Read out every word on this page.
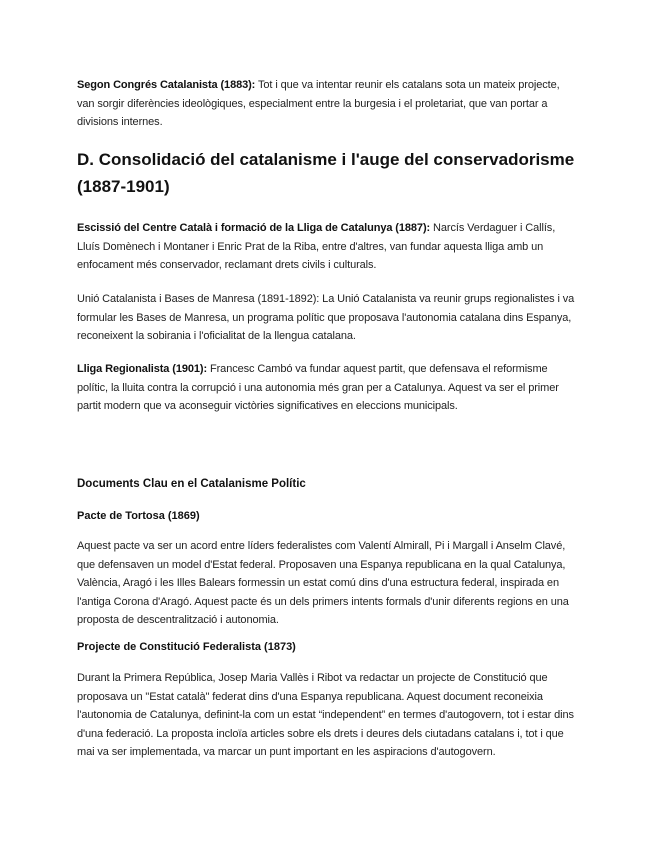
Segon Congrés Catalanista (1883): Tot i que va intentar reunir els catalans sota un mateix projecte, van sorgir diferències ideològiques, especialment entre la burgesia i el proletariat, que van portar a divisions internes.

D. Consolidació del catalanisme i l'auge del conservadorisme (1887-1901)

Escissió del Centre Català i formació de la Lliga de Catalunya (1887): Narcís Verdaguer i Callís, Lluís Domènech i Montaner i Enric Prat de la Riba, entre d'altres, van fundar aquesta lliga amb un enfocament més conservador, reclamant drets civils i culturals.

Unió Catalanista i Bases de Manresa (1891-1892): La Unió Catalanista va reunir grups regionalistes i va formular les Bases de Manresa, un programa polític que proposava l'autonomia catalana dins Espanya, reconeixent la sobirania i l'oficialitat de la llengua catalana.

Lliga Regionalista (1901): Francesc Cambó va fundar aquest partit, que defensava el reformisme polític, la lluita contra la corrupció i una autonomia més gran per a Catalunya. Aquest va ser el primer partit modern que va aconseguir victòries significatives en eleccions municipals.

Documents Clau en el Catalanisme Polític
Pacte de Tortosa (1869)

Aquest pacte va ser un acord entre líders federalistes com Valentí Almirall, Pi i Margall i Anselm Clavé, que defensaven un model d'Estat federal. Proposaven una Espanya republicana en la qual Catalunya, València, Aragó i les Illes Balears formessin un estat comú dins d'una estructura federal, inspirada en l'antiga Corona d'Aragó. Aquest pacte és un dels primers intents formals d'unir diferents regions en una proposta de descentralització i autonomia.

Projecte de Constitució Federalista (1873)

Durant la Primera República, Josep Maria Vallès i Ribot va redactar un projecte de Constitució que proposava un "Estat català" federat dins d'una Espanya republicana. Aquest document reconeixia l'autonomia de Catalunya, definint-la com un estat “independent” en termes d'autogovern, tot i estar dins d'una federació. La proposta incloïa articles sobre els drets i deures dels ciutadans catalans i, tot i que mai va ser implementada, va marcar un punt important en les aspiracions d'autogovern.
